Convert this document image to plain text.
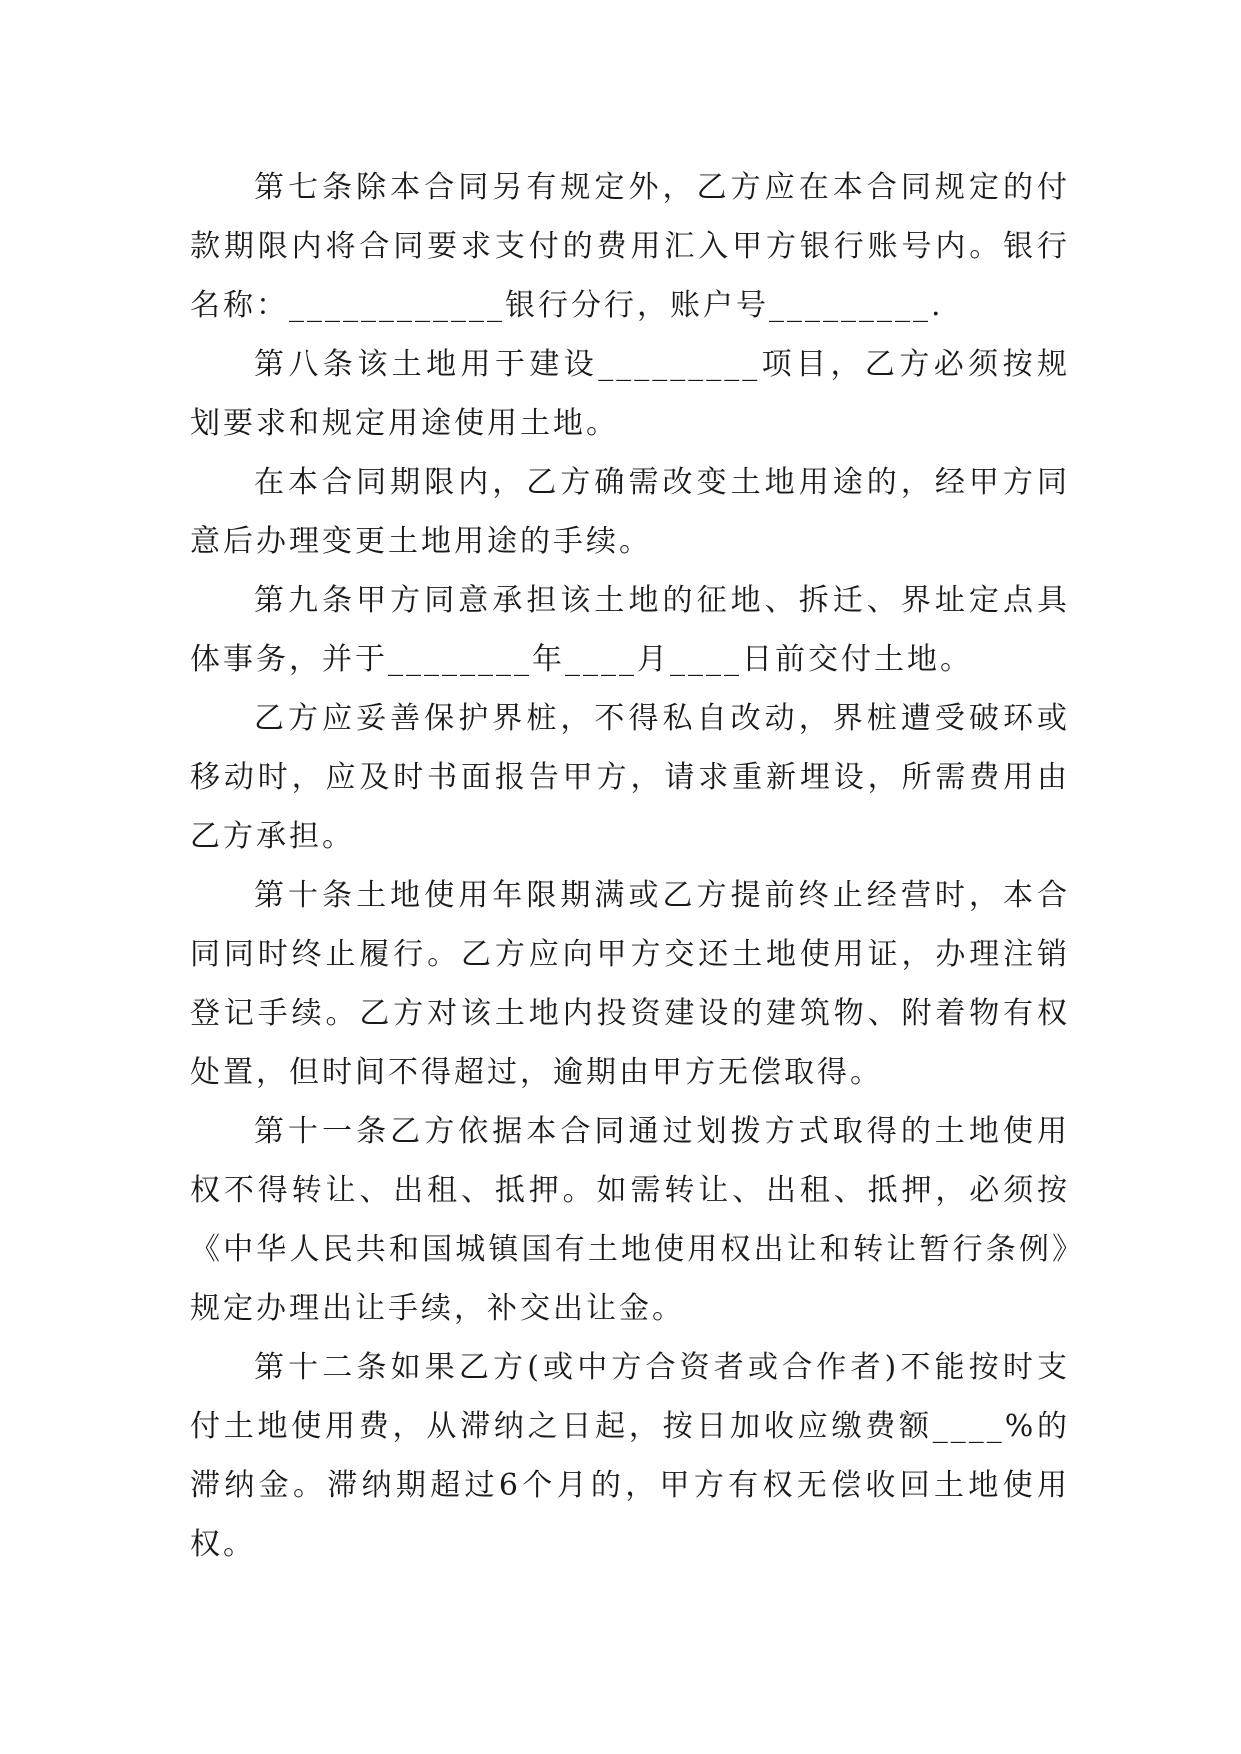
第七条除本合同另有规定外，乙方应在本合同规定的付款期限内将合同要求支付的费用汇入甲方银行账号内。银行名称：____________银行分行，账户号_________.

第八条该土地用于建设_________项目，乙方必须按规划要求和规定用途使用土地。

在本合同期限内，乙方确需改变土地用途的，经甲方同意后办理变更土地用途的手续。

第九条甲方同意承担该土地的征地、拆迁、界址定点具体事务，并于________年____月____日前交付土地。

乙方应妥善保护界桩，不得私自改动，界桩遭受破环或移动时，应及时书面报告甲方，请求重新埋设，所需费用由乙方承担。

第十条土地使用年限期满或乙方提前终止经营时，本合同同时终止履行。乙方应向甲方交还土地使用证，办理注销登记手续。乙方对该土地内投资建设的建筑物、附着物有权处置，但时间不得超过，逾期由甲方无偿取得。

第十一条乙方依据本合同通过划拨方式取得的土地使用权不得转让、出租、抵押。如需转让、出租、抵押，必须按《中华人民共和国城镇国有土地使用权出让和转让暂行条例》规定办理出让手续，补交出让金。

第十二条如果乙方(或中方合资者或合作者)不能按时支付土地使用费，从滞纳之日起，按日加收应缴费额____%的滞纳金。滞纳期超过6个月的，甲方有权无偿收回土地使用权。
